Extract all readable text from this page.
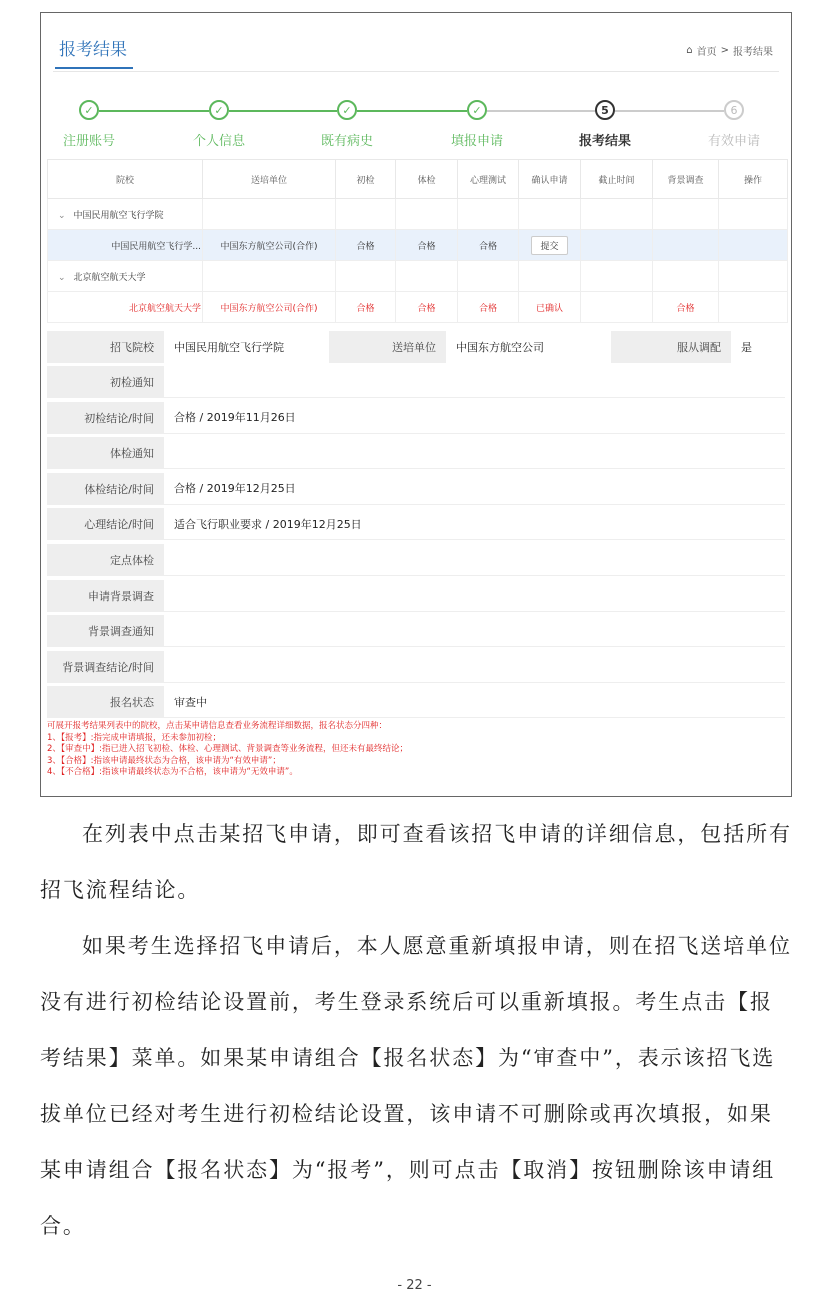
报考结果	⌂ 首页 > 报考结果
✓
注册账号
✓
个人信息
✓
既有病史
✓
填报申请
5
报考结果
6
有效申请
院校	送培单位	初检	体检	心理测试	确认申请	截止时间	背景调查	操作
⌄ 中国民用航空飞行学院								
中国民用航空飞行学...	中国东方航空公司(合作)	合格	合格	合格	提交			
⌄ 北京航空航天大学								
北京航空航天大学	中国东方航空公司(合作)	合格	合格	合格	已确认		合格	
招飞院校	中国民用航空飞行学院	送培单位	中国东方航空公司	服从调配	是
初检通知
初检结论/时间	合格 / 2019年11月26日
体检通知
体检结论/时间	合格 / 2019年12月25日
心理结论/时间	适合飞行职业要求 / 2019年12月25日
定点体检
申请背景调查
背景调查通知
背景调查结论/时间
报名状态	审查中
可展开报考结果列表中的院校，点击某申请信息查看业务流程详细数据，报名状态分四种：
1、【报考】:指完成申请填报，还未参加初检；
2、【审查中】:指已进入招飞初检、体检、心理测试、背景调查等业务流程，但还未有最终结论；
3、【合格】:指该申请最终状态为合格，该申请为“有效申请”；
4、【不合格】:指该申请最终状态为不合格，该申请为“无效申请”。

在列表中点击某招飞申请，即可查看该招飞申请的详细信息，包括所有招飞流程结论。

如果考生选择招飞申请后，本人愿意重新填报申请，则在招飞送培单位没有进行初检结论设置前，考生登录系统后可以重新填报。考生点击【报考结果】菜单。如果某申请组合【报名状态】为“审查中”，表示该招飞选拔单位已经对考生进行初检结论设置，该申请不可删除或再次填报，如果某申请组合【报名状态】为“报考”，则可点击【取消】按钮删除该申请组合。

- 22 -
